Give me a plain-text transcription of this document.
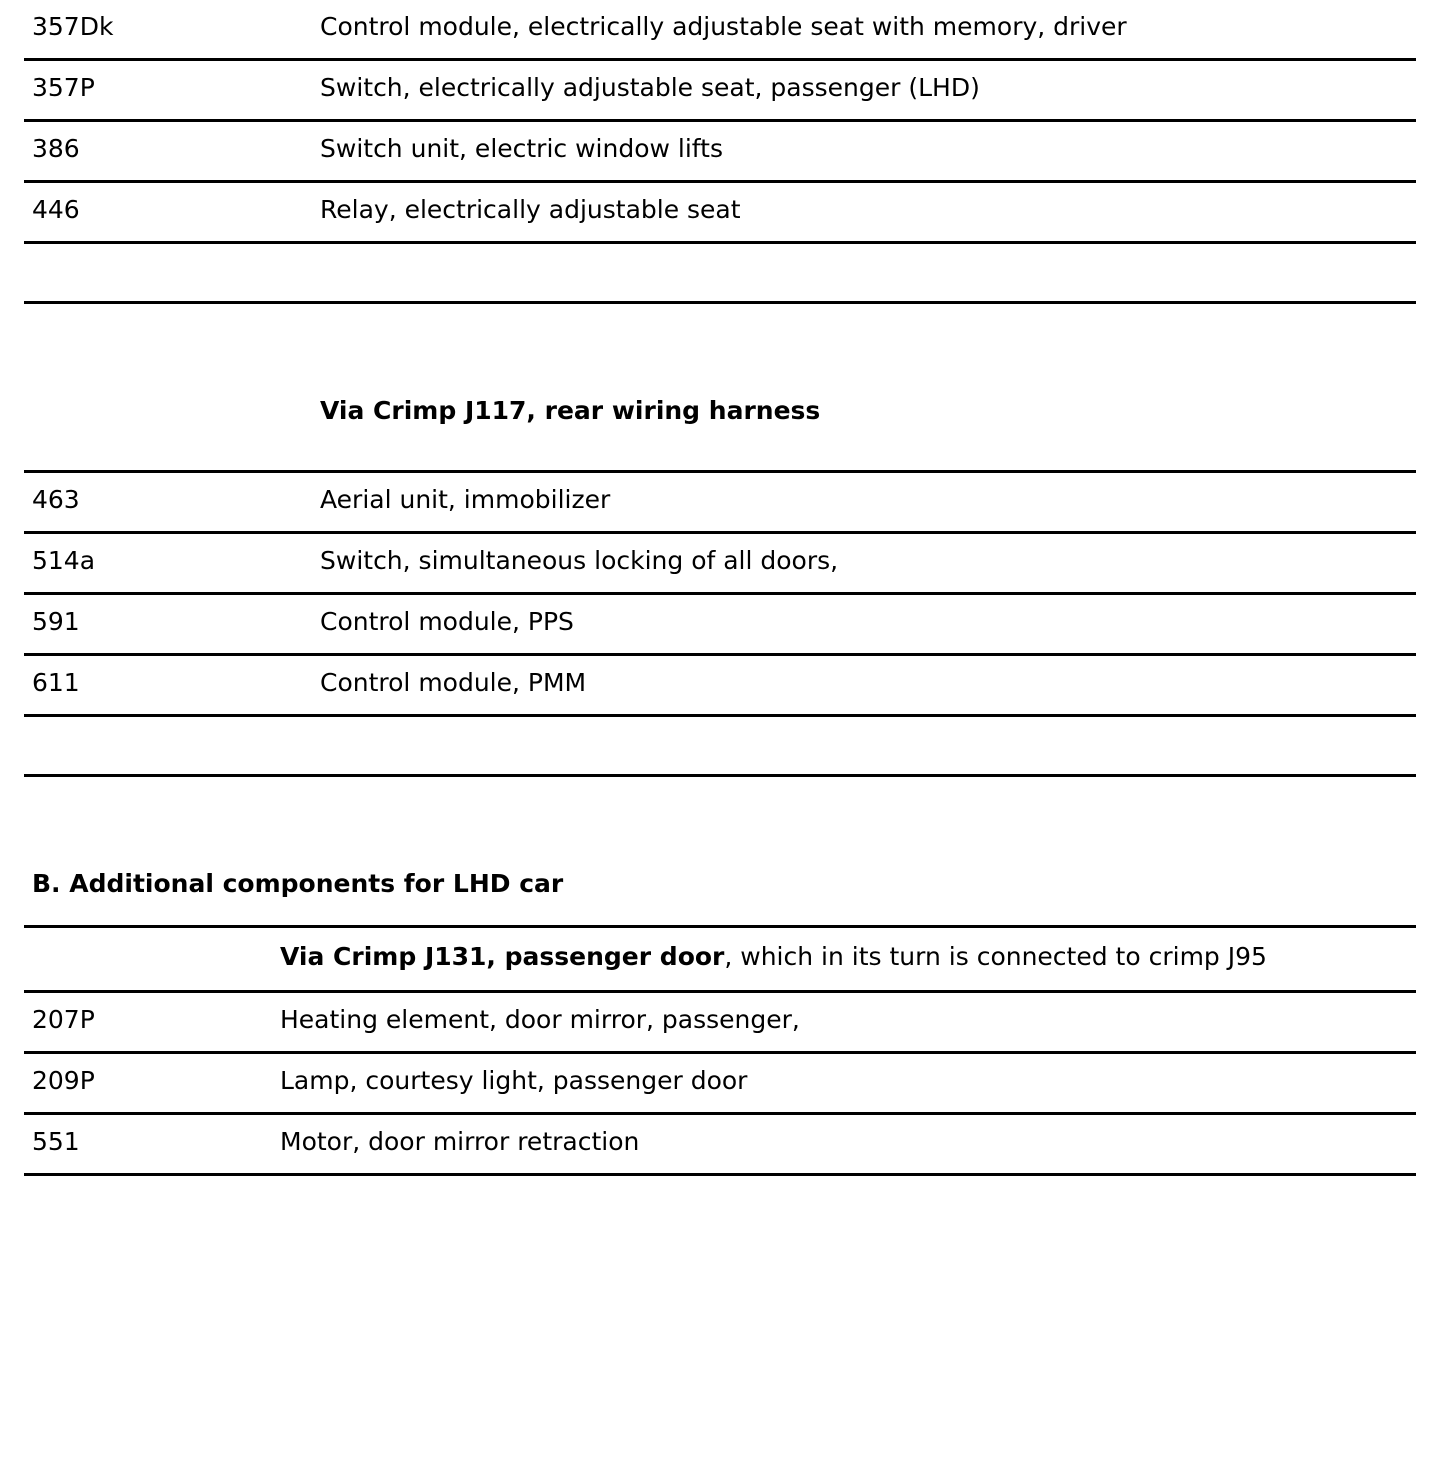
357Dk	Control module, electrically adjustable seat with memory, driver
357P	Switch, electrically adjustable seat, passenger (LHD)
386	Switch unit, electric window lifts
446	Relay, electrically adjustable seat
Via Crimp J117, rear wiring harness
463	Aerial unit, immobilizer
514a	Switch, simultaneous locking of all doors,
591	Control module, PPS
611	Control module, PMM
B. Additional components for LHD car
Via Crimp J131, passenger door, which in its turn is connected to crimp J95
207P	Heating element, door mirror, passenger,
209P	Lamp, courtesy light, passenger door
551	Motor, door mirror retraction
